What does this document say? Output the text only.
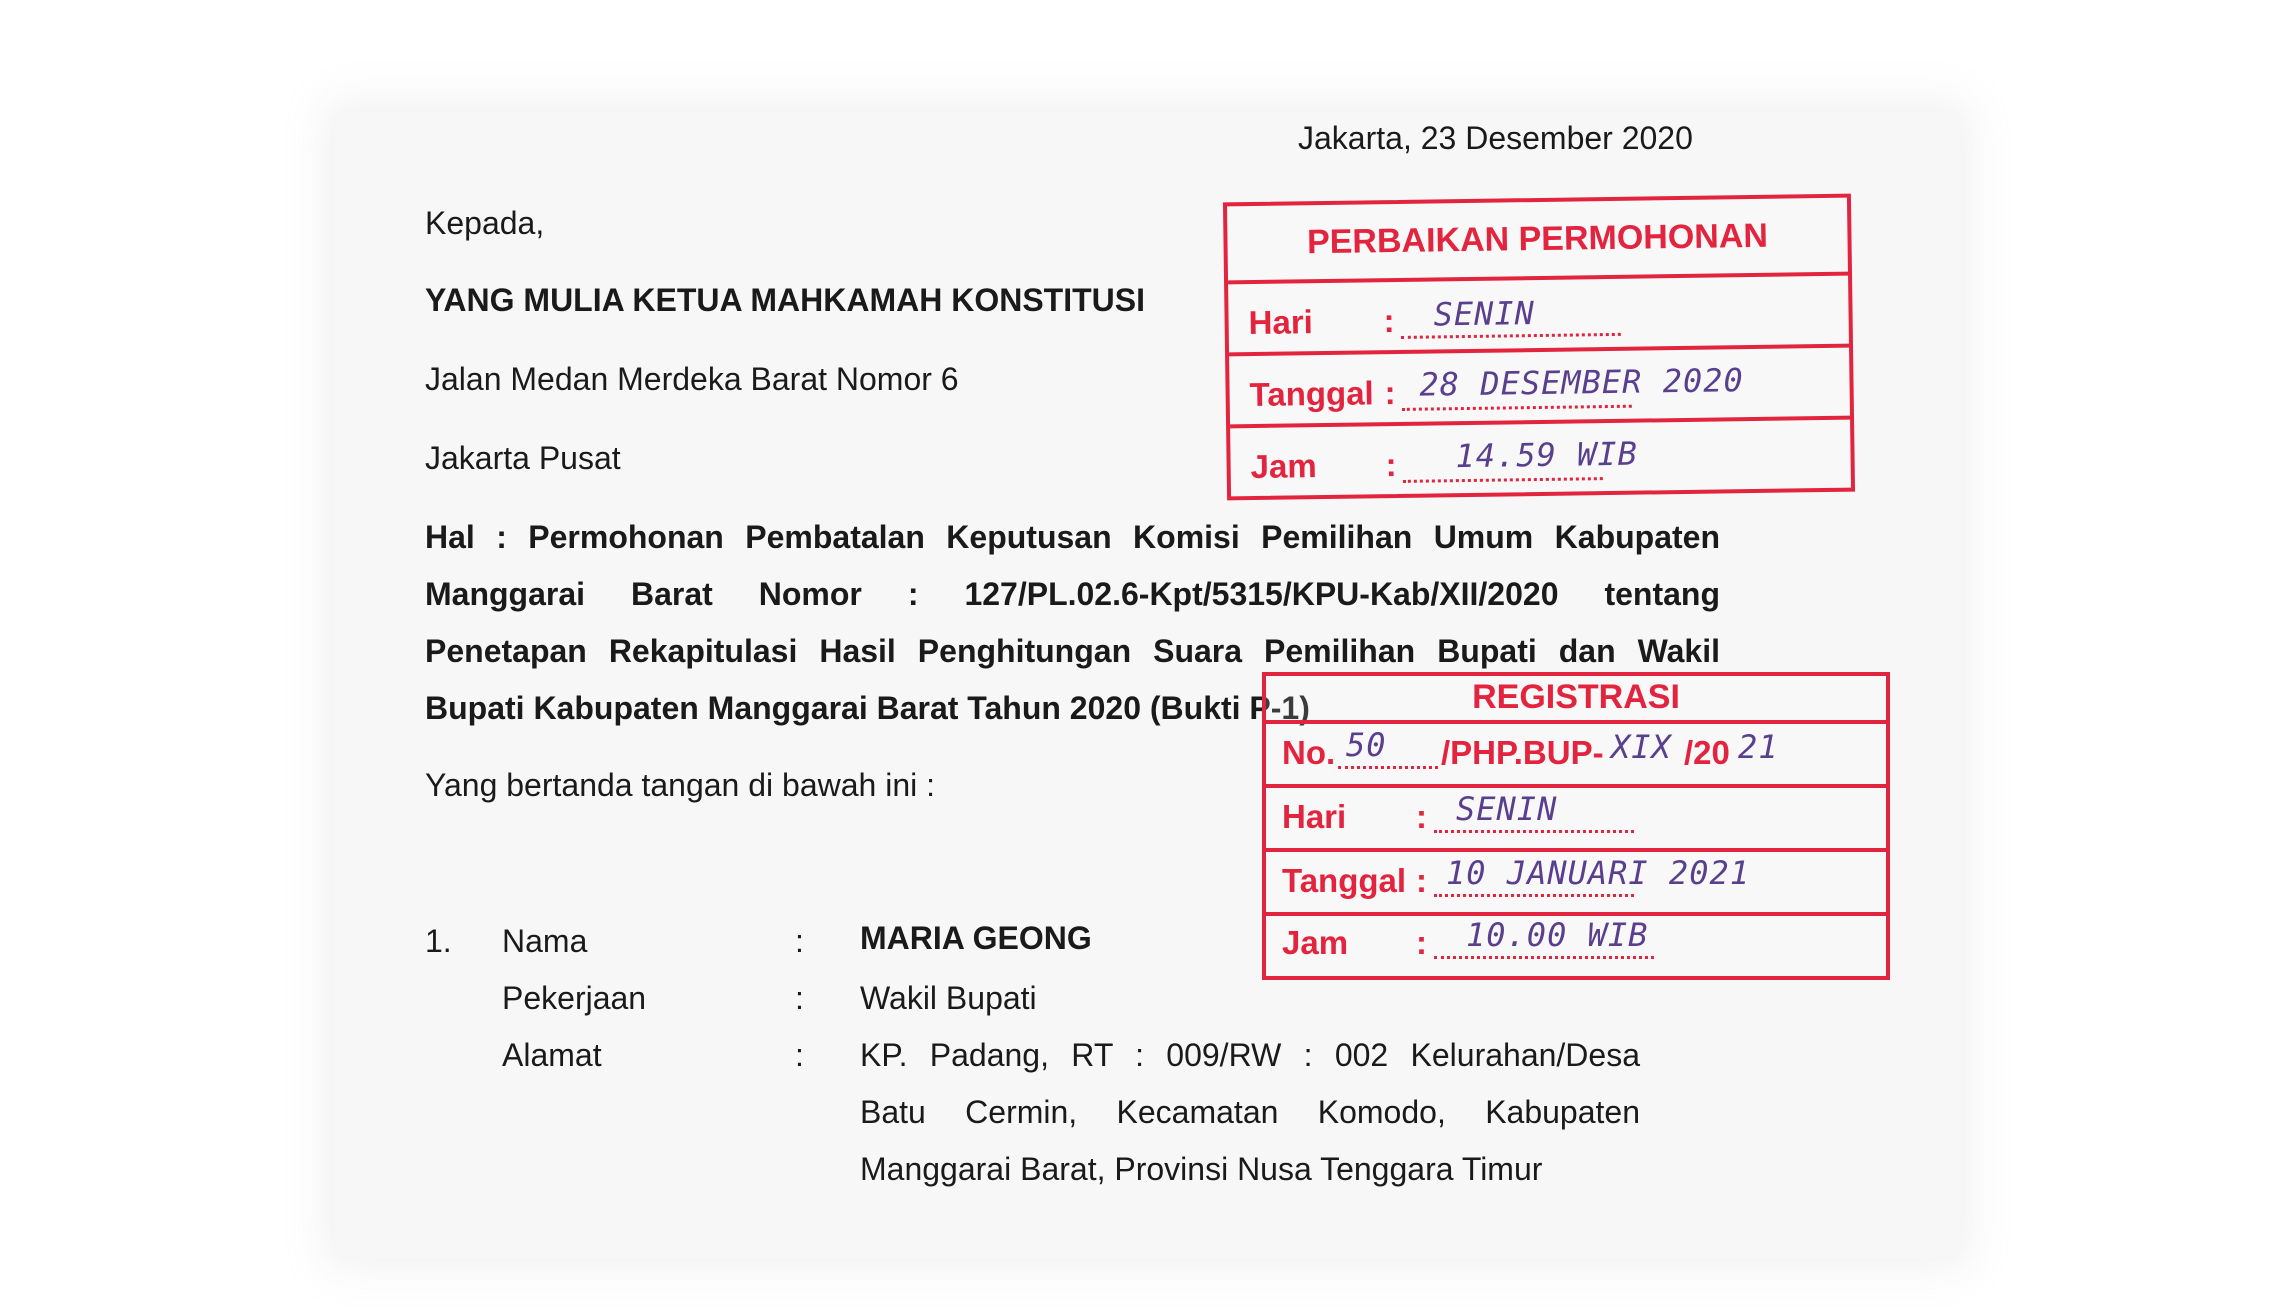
Jakarta, 23 Desember 2020
Kepada,
YANG MULIA KETUA MAHKAMAH KONSTITUSI
Jalan Medan Merdeka Barat Nomor 6
Jakarta Pusat
Hal : Permohonan Pembatalan Keputusan Komisi Pemilihan Umum Kabupaten
Manggarai Barat Nomor : 127/PL.02.6-Kpt/5315/KPU-Kab/XII/2020 tentang
Penetapan Rekapitulasi Hasil Penghitungan Suara Pemilihan Bupati dan Wakil
Bupati Kabupaten Manggarai Barat Tahun 2020 (Bukti P-1)
Yang bertanda tangan di bawah ini :
1. Nama	: MARIA GEONG
Pekerjaan	: Wakil Bupati
Alamat	: KP. Padang, RT : 009/RW : 002 Kelurahan/Desa
Batu Cermin, Kecamatan Komodo, Kabupaten
Manggarai Barat, Provinsi Nusa Tenggara Timur
PERBAIKAN PERMOHONAN
Hari : SENIN
Tanggal : 28 DESEMBER 2020
Jam : 14.59 WIB
REGISTRASI
No. 50 /PHP.BUP- XIX /20 21
Hari : SENIN
Tanggal : 10 JANUARI 2021
Jam : 10.00 WIB
